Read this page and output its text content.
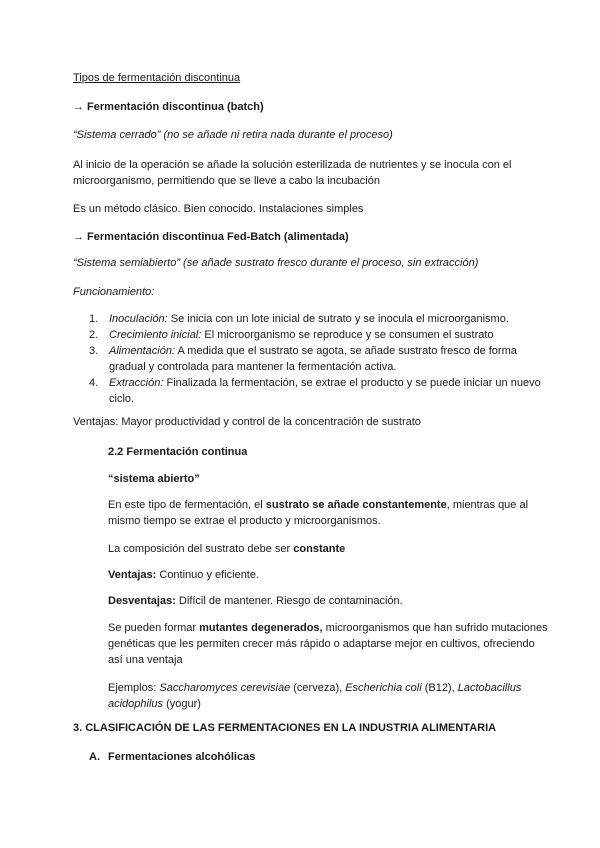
Tipos de fermentación discontinua

→ Fermentación discontinua (batch)

“Sistema cerrado” (no se añade ni retira nada durante el proceso)

Al inicio de la operación se añade la solución esterilizada de nutrientes y se inocula con el microorganismo, permitiendo que se lleve a cabo la incubación

Es un método clásico. Bien conocido. Instalaciones simples

→ Fermentación discontinua Fed-Batch (alimentada)

“Sistema semiabierto” (se añade sustrato fresco durante el proceso, sin extracción)

Funcionamiento:

1. Inoculación: Se inicia con un lote inicial de sutrato y se inocula el microorganismo.
2. Crecimiento inicial: El microorganismo se reproduce y se consumen el sustrato
3. Alimentación: A medida que el sustrato se agota, se añade sustrato fresco de forma gradual y controlada para mantener la fermentación activa.
4. Extracción: Finalizada la fermentación, se extrae el producto y se puede iniciar un nuevo ciclo.

Ventajas: Mayor productividad y control de la concentración de sustrato

2.2 Fermentación continua

“sistema abierto”

En este tipo de fermentación, el sustrato se añade constantemente, mientras que al mismo tiempo se extrae el producto y microorganismos.

La composición del sustrato debe ser constante

Ventajas: Continuo y eficiente.

Desventajas: Difícil de mantener. Riesgo de contaminación.

Se pueden formar mutantes degenerados, microorganismos que han sufrido mutaciones genéticas que les permiten crecer más rápido o adaptarse mejor en cultivos, ofreciendo así una ventaja

Ejemplos: Saccharomyces cerevisiae (cerveza), Escherichia coli (B12), Lactobacillus acidophilus (yogur)

3. CLASIFICACIÓN DE LAS FERMENTACIONES EN LA INDUSTRIA ALIMENTARIA

A. Fermentaciones alcohólicas
